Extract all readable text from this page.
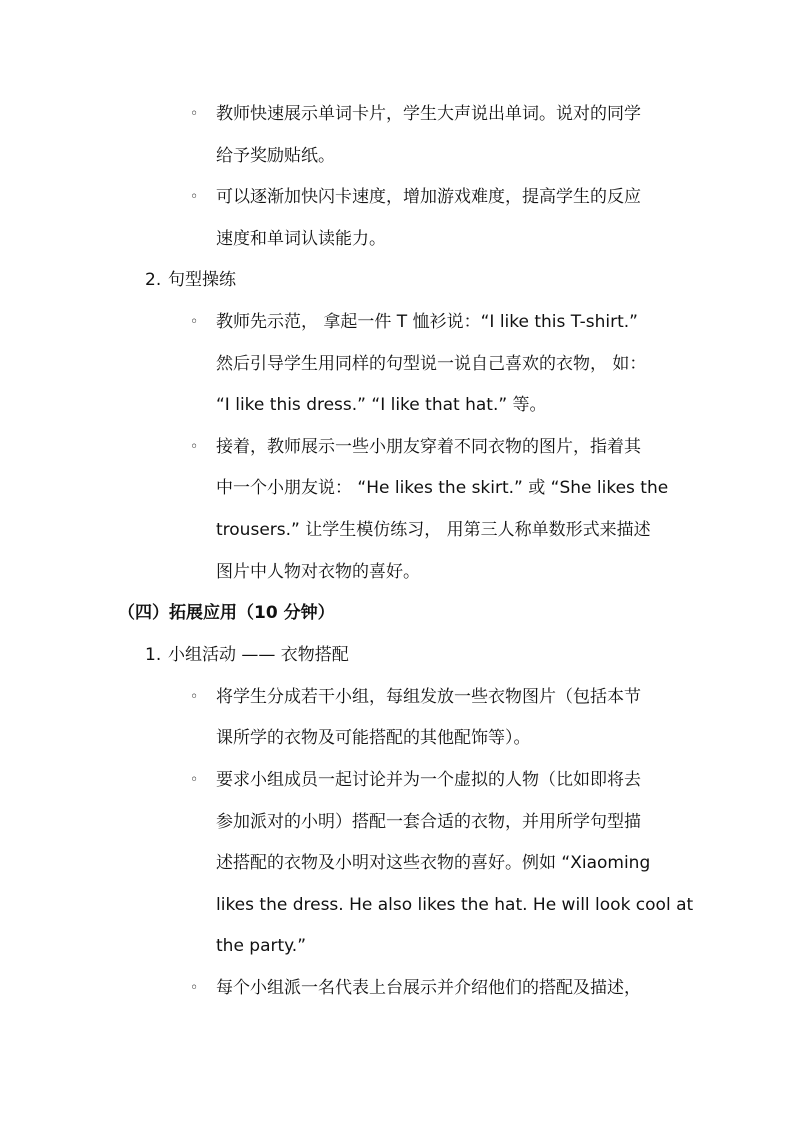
◦ 教师快速展示单词卡片，学生大声说出单词。说对的同学
给予奖励贴纸。
◦ 可以逐渐加快闪卡速度，增加游戏难度，提高学生的反应
速度和单词认读能力。
2. 句型操练
◦ 教师先示范， 拿起一件 T 恤衫说：“I like this T-shirt.”
然后引导学生用同样的句型说一说自己喜欢的衣物， 如：
“I like this dress.” “I like that hat.” 等。
◦ 接着，教师展示一些小朋友穿着不同衣物的图片，指着其
中一个小朋友说： “He likes the skirt.” 或 “She likes the
trousers.” 让学生模仿练习， 用第三人称单数形式来描述
图片中人物对衣物的喜好。
（四）拓展应用（10 分钟）
1. 小组活动 —— 衣物搭配
◦ 将学生分成若干小组，每组发放一些衣物图片（包括本节
课所学的衣物及可能搭配的其他配饰等）。
◦ 要求小组成员一起讨论并为一个虚拟的人物（比如即将去
参加派对的小明）搭配一套合适的衣物，并用所学句型描
述搭配的衣物及小明对这些衣物的喜好。例如 “Xiaoming
likes the dress. He also likes the hat. He will look cool at
the party.”
◦ 每个小组派一名代表上台展示并介绍他们的搭配及描述，
